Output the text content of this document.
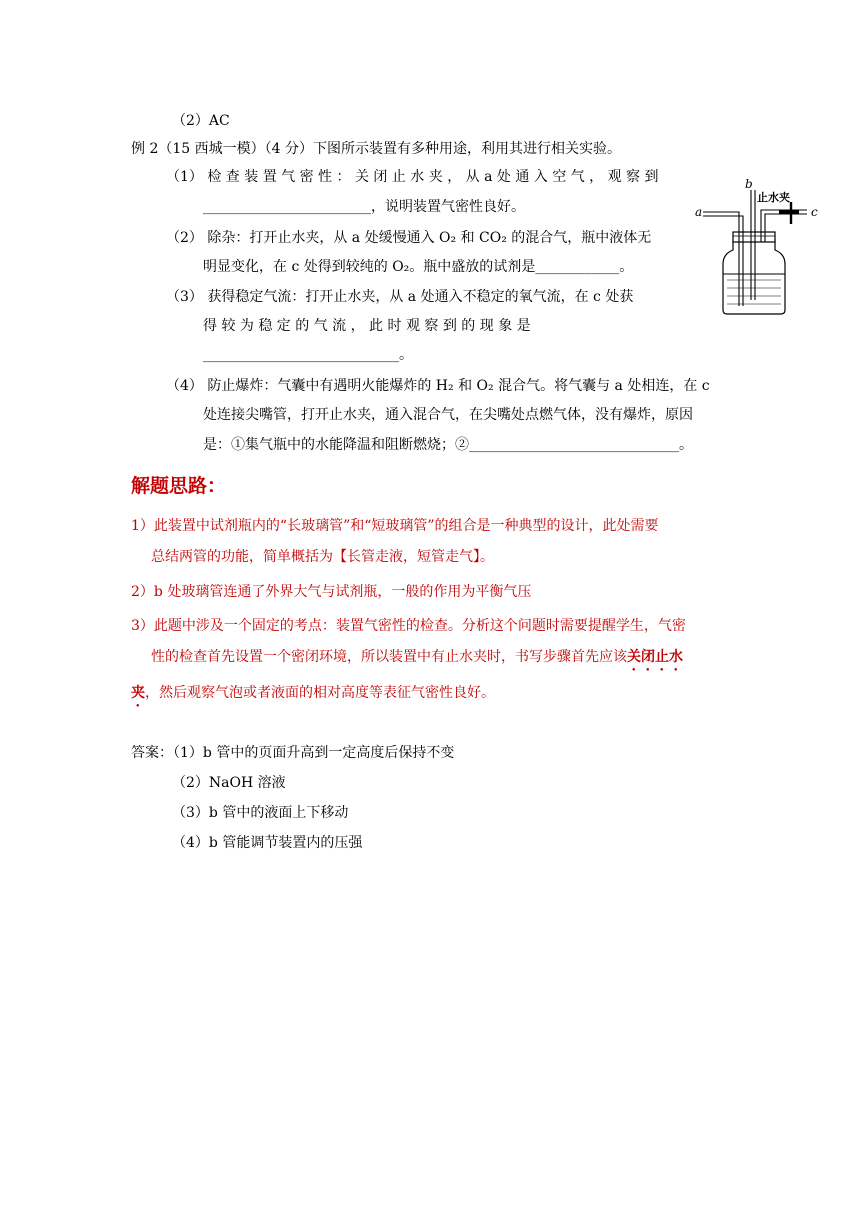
（2）AC
例 2（15 西城一模）（4 分）下图所示装置有多种用途，利用其进行相关实验。
（1） 检 查 装 置 气 密 性 ： 关 闭 止 水 夹 ， 从 a 处 通 入 空 气 ， 观 察 到
________________________，说明装置气密性良好。
（2） 除杂：打开止水夹，从 a 处缓慢通入 O₂ 和 CO₂ 的混合气，瓶中液体无
明显变化，在 c 处得到较纯的 O₂。瓶中盛放的试剂是____________。
（3） 获得稳定气流：打开止水夹，从 a 处通入不稳定的氧气流，在 c 处获
得 较 为 稳 定 的 气 流 ， 此 时 观 察 到 的 现 象 是
____________________________。
（4） 防止爆炸：气囊中有遇明火能爆炸的 H₂ 和 O₂ 混合气。将气囊与 a 处相连，在 c
处连接尖嘴管，打开止水夹，通入混合气，在尖嘴处点燃气体，没有爆炸，原因
是：①集气瓶中的水能降温和阻断燃烧；②______________________________。
b
止水夹
a	c
解题思路：
1）此装置中试剂瓶内的“长玻璃管”和“短玻璃管”的组合是一种典型的设计，此处需要
总结两管的功能，简单概括为【长管走液，短管走气】。
2）b 处玻璃管连通了外界大气与试剂瓶，一般的作用为平衡气压
3）此题中涉及一个固定的考点：装置气密性的检查。分析这个问题时需要提醒学生，气密
性的检查首先设置一个密闭环境，所以装置中有止水夹时，书写步骤首先应该关闭止水
夹，然后观察气泡或者液面的相对高度等表征气密性良好。
答案：（1）b 管中的页面升高到一定高度后保持不变
（2）NaOH 溶液
（3）b 管中的液面上下移动
（4）b 管能调节装置内的压强
